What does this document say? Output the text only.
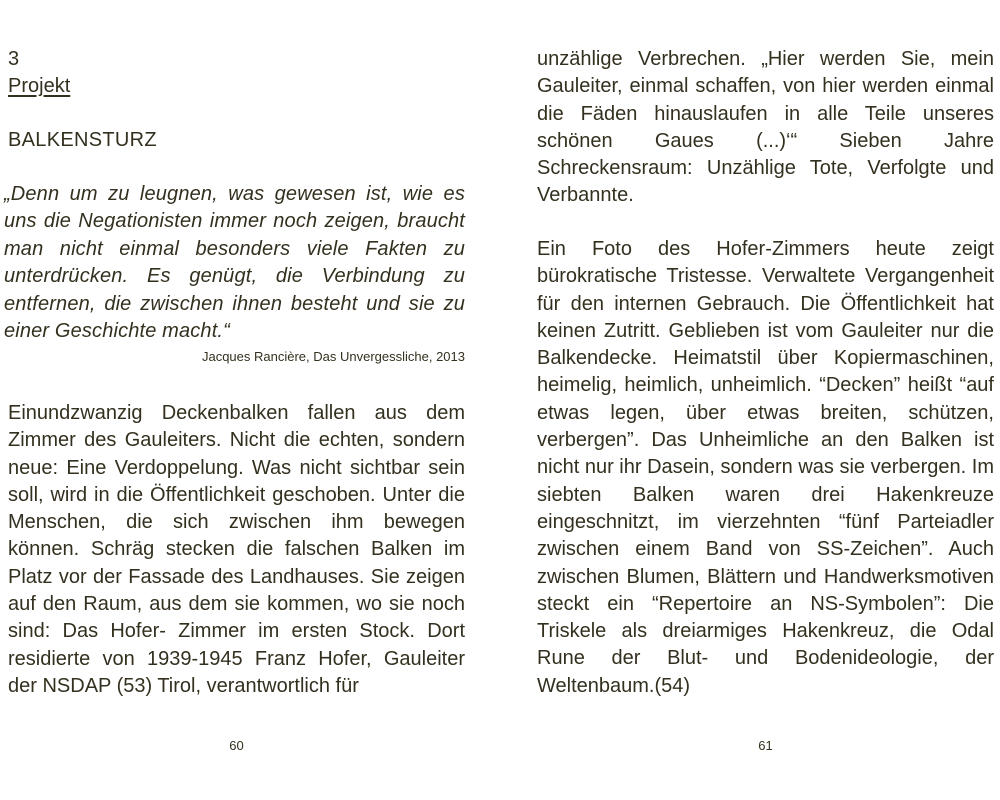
3
Projekt
BALKENSTURZ

„Denn um zu leugnen, was gewesen ist, wie es uns die Negationisten immer noch zeigen, braucht man nicht einmal besonders viele Fakten zu unterdrücken. Es genügt, die Verbindung zu entfernen, die zwischen ihnen besteht und sie zu einer Geschichte macht.“

Jacques Rancière, Das Unvergessliche, 2013

Einundzwanzig Deckenbalken fallen aus dem Zimmer des Gauleiters. Nicht die echten, sondern neue: Eine Verdoppelung. Was nicht sichtbar sein soll, wird in die Öffentlichkeit geschoben. Unter die Menschen, die sich zwischen ihm bewegen können. Schräg stecken die falschen Balken im Platz vor der Fassade des Landhauses. Sie zeigen auf den Raum, aus dem sie kommen, wo sie noch sind: Das Hofer- Zimmer im ersten Stock. Dort residierte von 1939-1945 Franz Hofer, Gauleiter der NSDAP (53) Tirol, verantwortlich für

60

unzählige Verbrechen. „Hier werden Sie, mein Gauleiter, einmal schaffen, von hier werden einmal die Fäden hinauslaufen in alle Teile unseres schönen Gaues (...)‘“ Sieben Jahre Schreckensraum: Unzählige Tote, Verfolgte und Verbannte.

Ein Foto des Hofer-Zimmers heute zeigt bürokratische Tristesse. Verwaltete Vergangenheit für den internen Gebrauch. Die Öffentlichkeit hat keinen Zutritt. Geblieben ist vom Gauleiter nur die Balkendecke. Heimatstil über Kopiermaschinen, heimelig, heimlich, unheimlich. “Decken” heißt “auf etwas legen, über etwas breiten, schützen, verbergen”. Das Unheimliche an den Balken ist nicht nur ihr Dasein, sondern was sie verbergen. Im siebten Balken waren drei Hakenkreuze eingeschnitzt, im vierzehnten “fünf Parteiadler zwischen einem Band von SS-Zeichen”. Auch zwischen Blumen, Blättern und Handwerksmotiven steckt ein “Repertoire an NS-Symbolen”: Die Triskele als dreiarmiges Hakenkreuz, die Odal Rune der Blut- und Bodenideologie, der Weltenbaum.(54)

61
